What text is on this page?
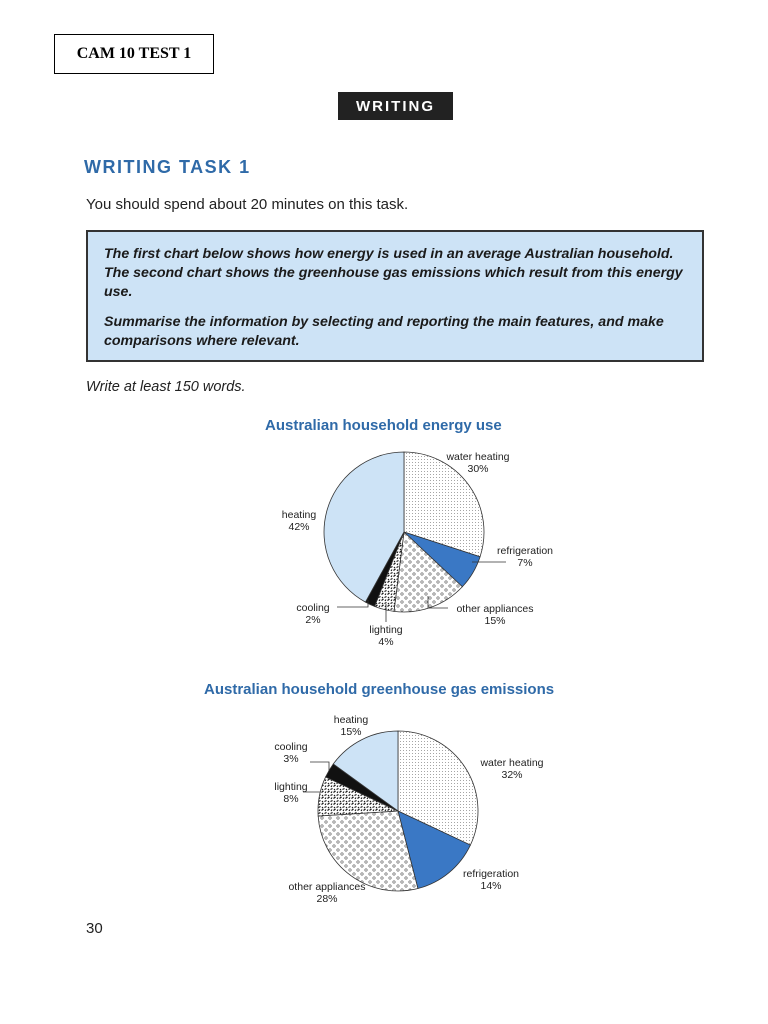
CAM 10 TEST 1
WRITING
WRITING TASK 1
You should spend about 20 minutes on this task.

The first chart below shows how energy is used in an average Australian household. The second chart shows the greenhouse gas emissions which result from this energy use.

Summarise the information by selecting and reporting the main features, and make comparisons where relevant.

Write at least 150 words.
Australian household energy use
water heating
30%
refrigeration
7%
other appliances
15%
lighting
4%
cooling
2%
heating
42%
Australian household greenhouse gas emissions
water heating
32%
refrigeration
14%
other appliances
28%
lighting
8%
cooling
3%
heating
15%
30
